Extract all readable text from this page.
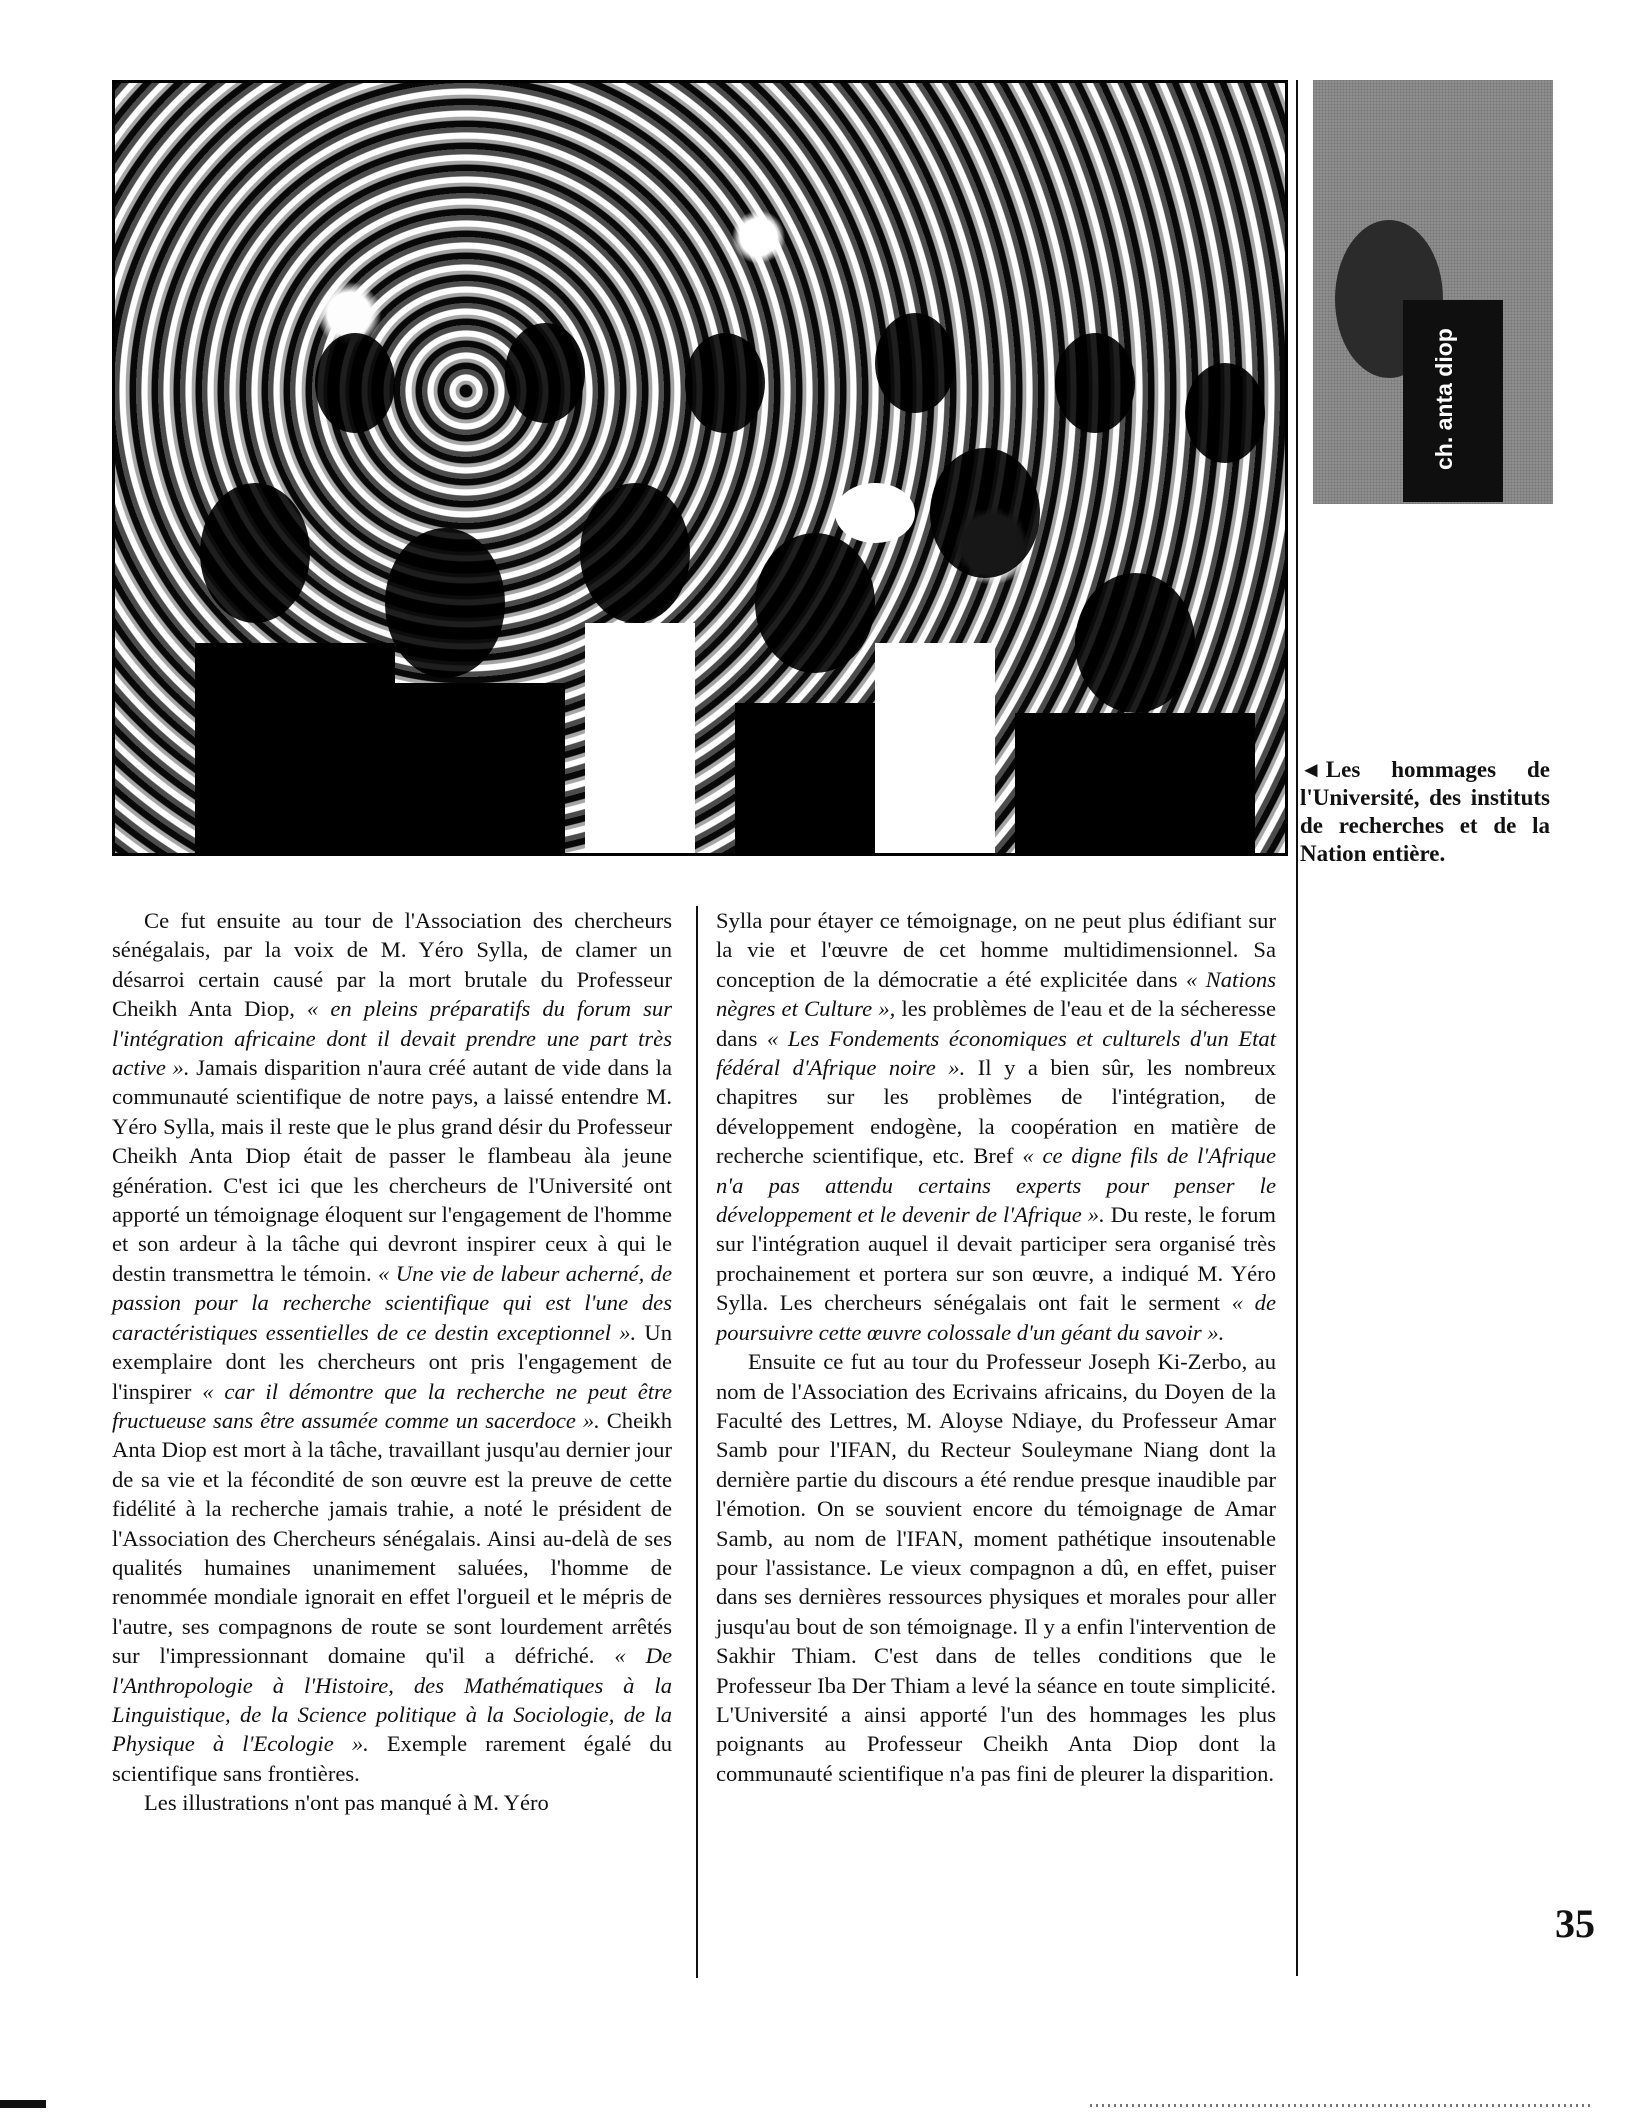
ch. anta diop

◄ Les hommages de l'Université, des instituts de recherches et de la Nation entière.

Ce fut ensuite au tour de l'Association des chercheurs sénégalais, par la voix de M. Yéro Sylla, de clamer un désarroi certain causé par la mort brutale du Professeur Cheikh Anta Diop, « en pleins préparatifs du forum sur l'intégration africaine dont il devait prendre une part très active ». Jamais disparition n'aura créé autant de vide dans la communauté scientifique de notre pays, a laissé entendre M. Yéro Sylla, mais il reste que le plus grand désir du Professeur Cheikh Anta Diop était de passer le flambeau àla jeune génération. C'est ici que les chercheurs de l'Université ont apporté un témoignage éloquent sur l'engagement de l'homme et son ardeur à la tâche qui devront inspirer ceux à qui le destin transmettra le témoin. « Une vie de labeur acherné, de passion pour la recherche scientifique qui est l'une des caractéristiques essentielles de ce destin exceptionnel ». Un exemplaire dont les chercheurs ont pris l'engagement de l'inspirer « car il démontre que la recherche ne peut être fructueuse sans être assumée comme un sacerdoce ». Cheikh Anta Diop est mort à la tâche, travaillant jusqu'au dernier jour de sa vie et la fécondité de son œuvre est la preuve de cette fidélité à la recherche jamais trahie, a noté le président de l'Association des Chercheurs sénégalais. Ainsi au-delà de ses qualités humaines unanimement saluées, l'homme de renommée mondiale ignorait en effet l'orgueil et le mépris de l'autre, ses compagnons de route se sont lourdement arrêtés sur l'impressionnant domaine qu'il a défriché. « De l'Anthropologie à l'Histoire, des Mathématiques à la Linguistique, de la Science politique à la Sociologie, de la Physique à l'Ecologie ». Exemple rarement égalé du scientifique sans frontières.

Les illustrations n'ont pas manqué à M. Yéro

Sylla pour étayer ce témoignage, on ne peut plus édifiant sur la vie et l'œuvre de cet homme multidimensionnel. Sa conception de la démocratie a été explicitée dans « Nations nègres et Culture », les problèmes de l'eau et de la sécheresse dans « Les Fondements économiques et culturels d'un Etat fédéral d'Afrique noire ». Il y a bien sûr, les nombreux chapitres sur les problèmes de l'intégration, de développement endogène, la coopération en matière de recherche scientifique, etc. Bref « ce digne fils de l'Afrique n'a pas attendu certains experts pour penser le développement et le devenir de l'Afrique ». Du reste, le forum sur l'intégration auquel il devait participer sera organisé très prochainement et portera sur son œuvre, a indiqué M. Yéro Sylla. Les chercheurs sénégalais ont fait le serment « de poursuivre cette œuvre colossale d'un géant du savoir ».

Ensuite ce fut au tour du Professeur Joseph Ki-Zerbo, au nom de l'Association des Ecrivains africains, du Doyen de la Faculté des Lettres, M. Aloyse Ndiaye, du Professeur Amar Samb pour l'IFAN, du Recteur Souleymane Niang dont la dernière partie du discours a été rendue presque inaudible par l'émotion. On se souvient encore du témoignage de Amar Samb, au nom de l'IFAN, moment pathétique insoutenable pour l'assistance. Le vieux compagnon a dû, en effet, puiser dans ses dernières ressources physiques et morales pour aller jusqu'au bout de son témoignage. Il y a enfin l'intervention de Sakhir Thiam. C'est dans de telles conditions que le Professeur Iba Der Thiam a levé la séance en toute simplicité. L'Université a ainsi apporté l'un des hommages les plus poignants au Professeur Cheikh Anta Diop dont la communauté scientifique n'a pas fini de pleurer la disparition.

35
